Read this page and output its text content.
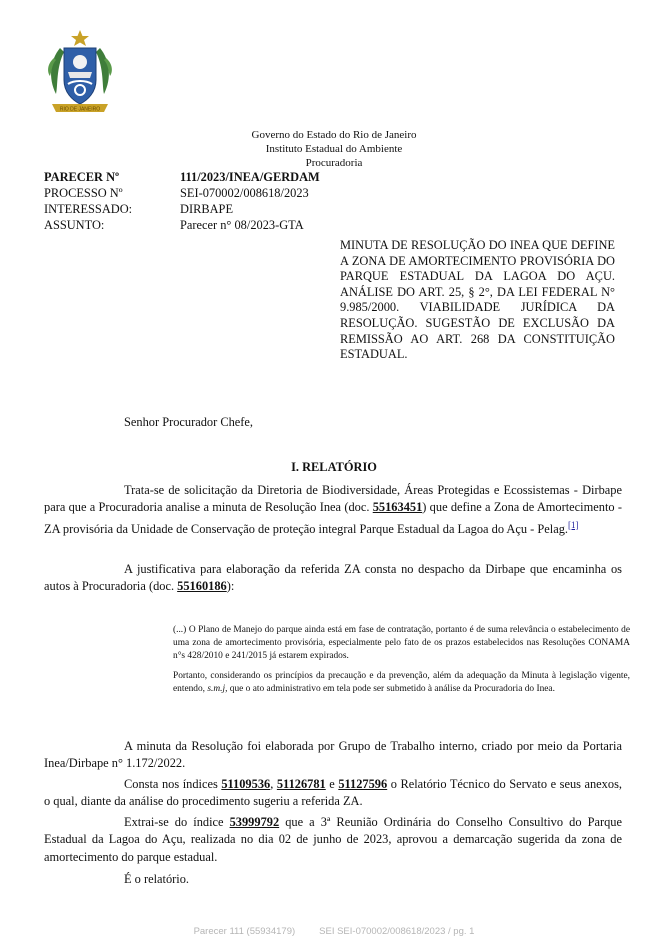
RIO DE JANEIRO
Governo do Estado do Rio de Janeiro
Instituto Estadual do Ambiente
Procuradoria
PARECER Nº	111/2023/INEA/GERDAM
PROCESSO Nº	SEI-070002/008618/2023
INTERESSADO:	DIRBAPE
ASSUNTO:	Parecer n° 08/2023-GTA
MINUTA DE RESOLUÇÃO DO INEA QUE DEFINE A ZONA DE AMORTECIMENTO PROVISÓRIA DO PARQUE ESTADUAL DA LAGOA DO AÇU. ANÁLISE DO ART. 25, § 2°, DA LEI FEDERAL N° 9.985/2000. VIABILIDADE JURÍDICA DA RESOLUÇÃO. SUGESTÃO DE EXCLUSÃO DA REMISSÃO AO ART. 268 DA CONSTITUIÇÃO ESTADUAL.
Senhor Procurador Chefe,
I. RELATÓRIO

Trata-se de solicitação da Diretoria de Biodiversidade, Áreas Protegidas e Ecossistemas - Dirbape para que a Procuradoria analise a minuta de Resolução Inea (doc. 55163451) que define a Zona de Amortecimento - ZA provisória da Unidade de Conservação de proteção integral Parque Estadual da Lagoa do Açu - Pelag.[1]

A justificativa para elaboração da referida ZA consta no despacho da Dirbape que encaminha os autos à Procuradoria (doc. 55160186):

(...) O Plano de Manejo do parque ainda está em fase de contratação, portanto é de suma relevância o estabelecimento de uma zona de amortecimento provisória, especialmente pelo fato de os prazos estabelecidos nas Resoluções CONAMA n°s 428/2010 e 241/2015 já estarem expirados.

Portanto, considerando os princípios da precaução e da prevenção, além da adequação da Minuta à legislação vigente, entendo, s.m.j, que o ato administrativo em tela pode ser submetido à análise da Procuradoria do Inea.

A minuta da Resolução foi elaborada por Grupo de Trabalho interno, criado por meio da Portaria Inea/Dirbape n° 1.172/2022.

Consta nos índices 51109536, 51126781 e 51127596 o Relatório Técnico do Servato e seus anexos, o qual, diante da análise do procedimento sugeriu a referida ZA.

Extrai-se do índice 53999792 que a 3ª Reunião Ordinária do Conselho Consultivo do Parque Estadual da Lagoa do Açu, realizada no dia 02 de junho de 2023, aprovou a demarcação sugerida da zona de amortecimento do parque estadual.

É o relatório.
Parecer 111 (55934179)	SEI SEI-070002/008618/2023 / pg. 1
